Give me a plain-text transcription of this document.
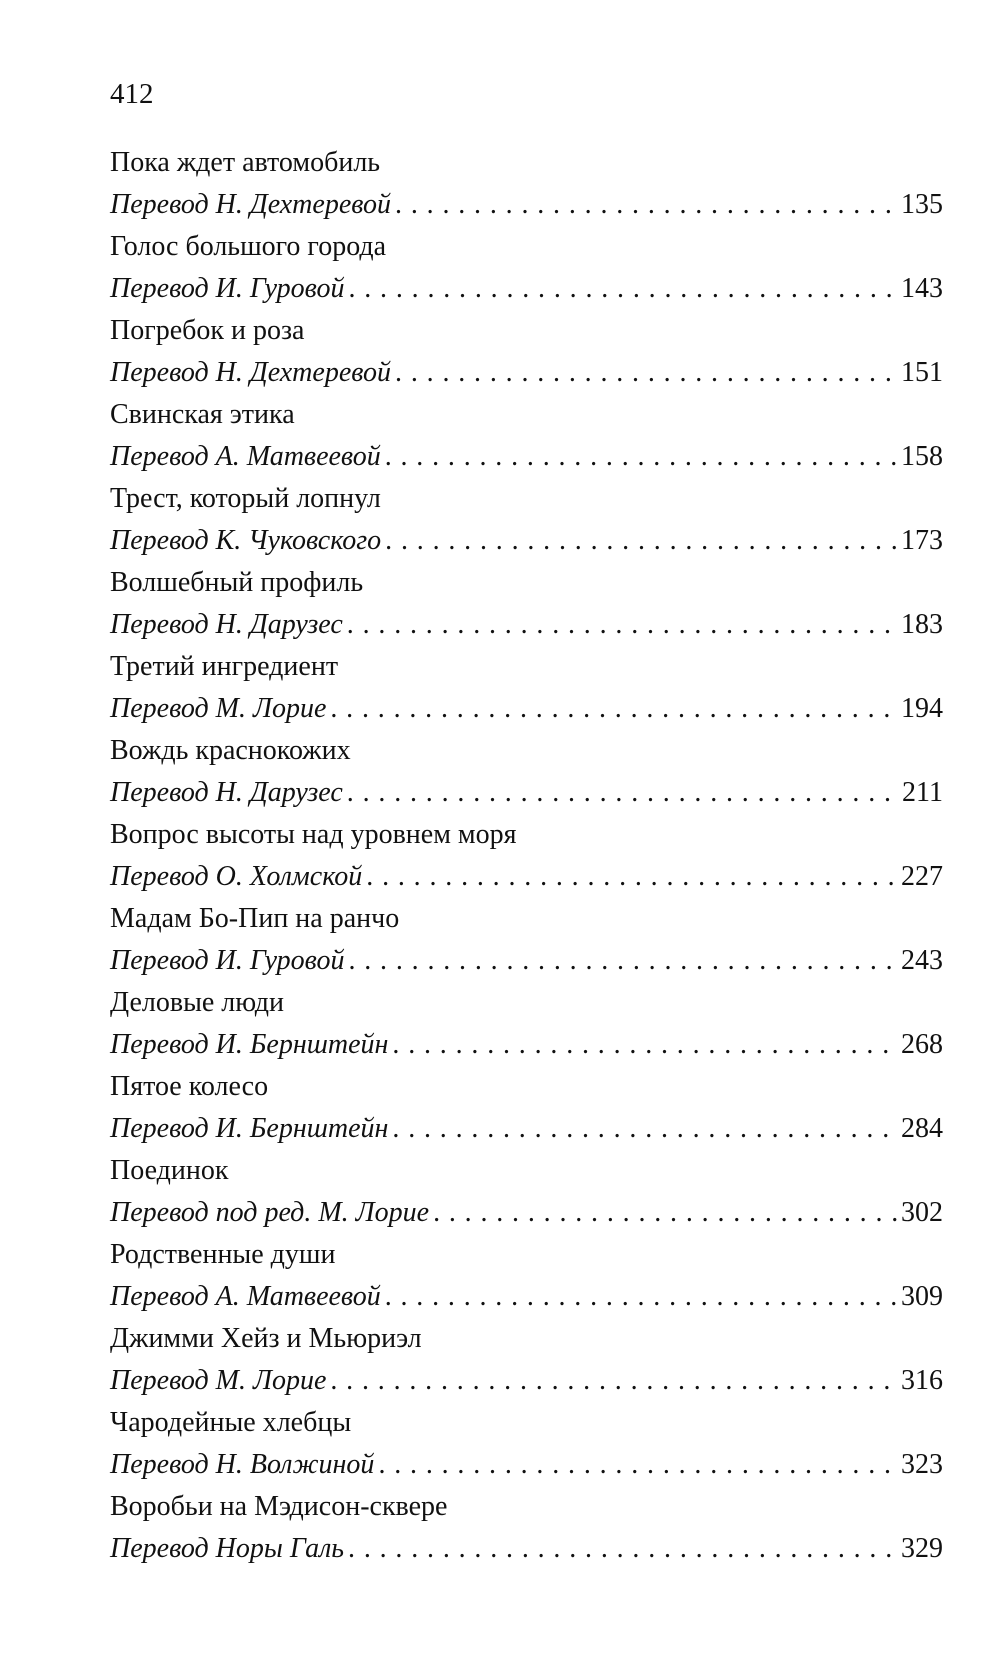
412
Пока ждет автомобиль
Перевод Н. Дехтеревой . . .	135
Голос большого города
Перевод И. Гуровой . . .	143
Погребок и роза
Перевод Н. Дехтеревой . . .	151
Свинская этика
Перевод А. Матвеевой . . .	158
Трест, который лопнул
Перевод К. Чуковского . . .	173
Волшебный профиль
Перевод Н. Дарузес . . .	183
Третий ингредиент
Перевод М. Лорие . . .	194
Вождь краснокожих
Перевод Н. Дарузес . . .	211
Вопрос высоты над уровнем моря
Перевод О. Холмской . . .	227
Мадам Бо-Пип на ранчо
Перевод И. Гуровой . . .	243
Деловые люди
Перевод И. Бернштейн . . .	268
Пятое колесо
Перевод И. Бернштейн . . .	284
Поединок
Перевод под ред. М. Лорие . . .	302
Родственные души
Перевод А. Матвеевой . . .	309
Джимми Хейз и Мьюриэл
Перевод М. Лорие . . .	316
Чародейные хлебцы
Перевод Н. Волжиной . . .	323
Воробьи на Мэдисон-сквере
Перевод Норы Галь . . .	329
